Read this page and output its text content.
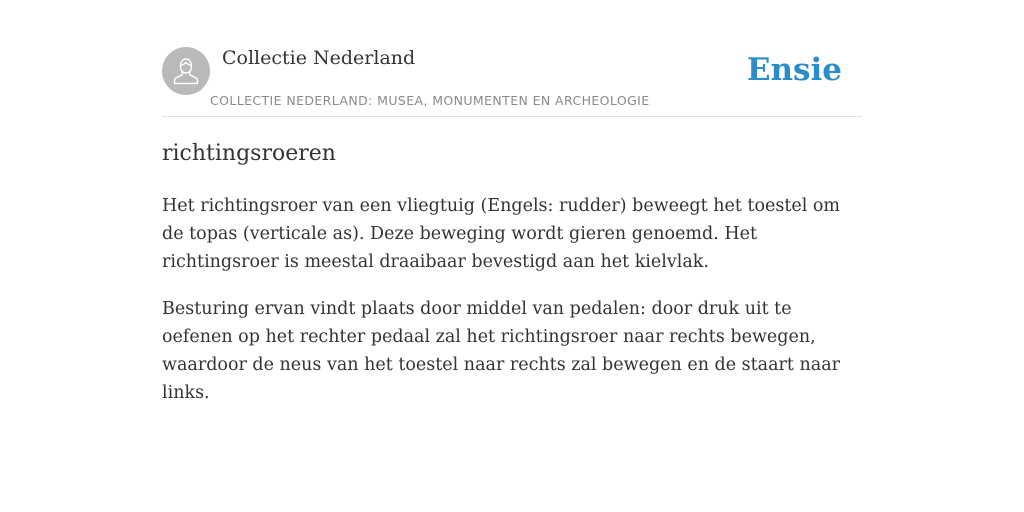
Collectie Nederland
COLLECTIE NEDERLAND: MUSEA, MONUMENTEN EN ARCHEOLOGIE
Ensie
richtingsroeren

Het richtingsroer van een vliegtuig (Engels: rudder) beweegt het toestel om de topas (verticale as). Deze beweging wordt gieren genoemd. Het richtingsroer is meestal draaibaar bevestigd aan het kielvlak.

Besturing ervan vindt plaats door middel van pedalen: door druk uit te oefenen op het rechter pedaal zal het richtingsroer naar rechts bewegen, waardoor de neus van het toestel naar rechts zal bewegen en de staart naar links.
